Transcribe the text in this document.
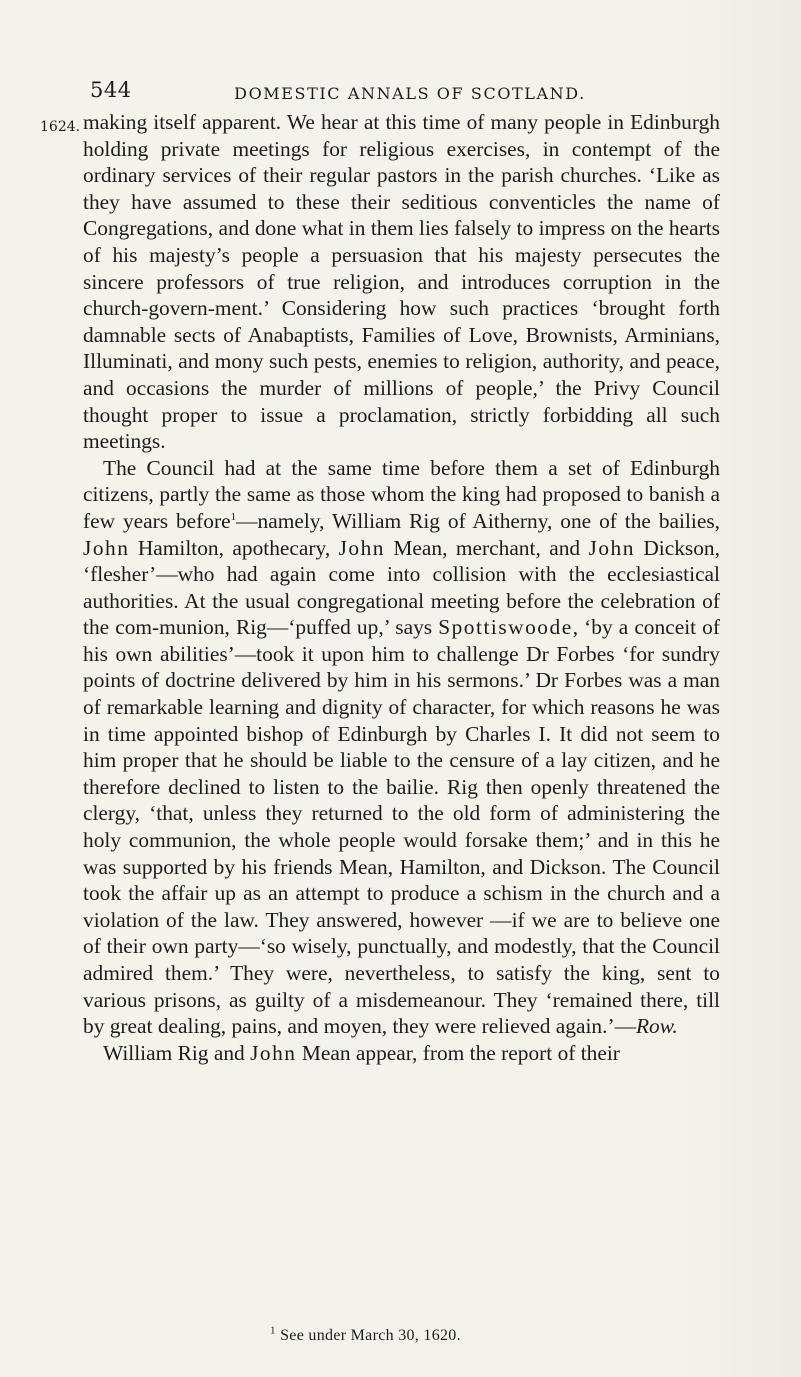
544	DOMESTIC ANNALS OF SCOTLAND.
1624. making itself apparent. We hear at this time of many people in Edinburgh holding private meetings for religious exercises, in contempt of the ordinary services of their regular pastors in the parish churches. ‘Like as they have assumed to these their seditious conventicles the name of Congregations, and done what in them lies falsely to impress on the hearts of his majesty’s people a persuasion that his majesty persecutes the sincere professors of true religion, and introduces corruption in the church-govern-ment.’ Considering how such practices ‘brought forth damnable sects of Anabaptists, Families of Love, Brownists, Arminians, Illuminati, and mony such pests, enemies to religion, authority, and peace, and occasions the murder of millions of people,’ the Privy Council thought proper to issue a proclamation, strictly forbidding all such meetings.

The Council had at the same time before them a set of Edinburgh citizens, partly the same as those whom the king had proposed to banish a few years before$^1$—namely, William Rig of Aitherny, one of the bailies, John Hamilton, apothecary, John Mean, merchant, and John Dickson, ‘flesher’—who had again come into collision with the ecclesiastical authorities. At the usual congregational meeting before the celebration of the com-munion, Rig—‘puffed up,’ says Spottiswoode, ‘by a conceit of his own abilities’—took it upon him to challenge Dr Forbes ‘for sundry points of doctrine delivered by him in his sermons.’ Dr Forbes was a man of remarkable learning and dignity of character, for which reasons he was in time appointed bishop of Edinburgh by Charles I. It did not seem to him proper that he should be liable to the censure of a lay citizen, and he therefore declined to listen to the bailie. Rig then openly threatened the clergy, ‘that, unless they returned to the old form of administering the holy communion, the whole people would forsake them;’ and in this he was supported by his friends Mean, Hamilton, and Dickson. The Council took the affair up as an attempt to produce a schism in the church and a violation of the law. They answered, however —if we are to believe one of their own party—‘so wisely, punctually, and modestly, that the Council admired them.’ They were, nevertheless, to satisfy the king, sent to various prisons, as guilty of a misdemeanour. They ‘remained there, till by great dealing, pains, and moyen, they were relieved again.’—Row.

William Rig and John Mean appear, from the report of their

$^1$ See under March 30, 1620.
